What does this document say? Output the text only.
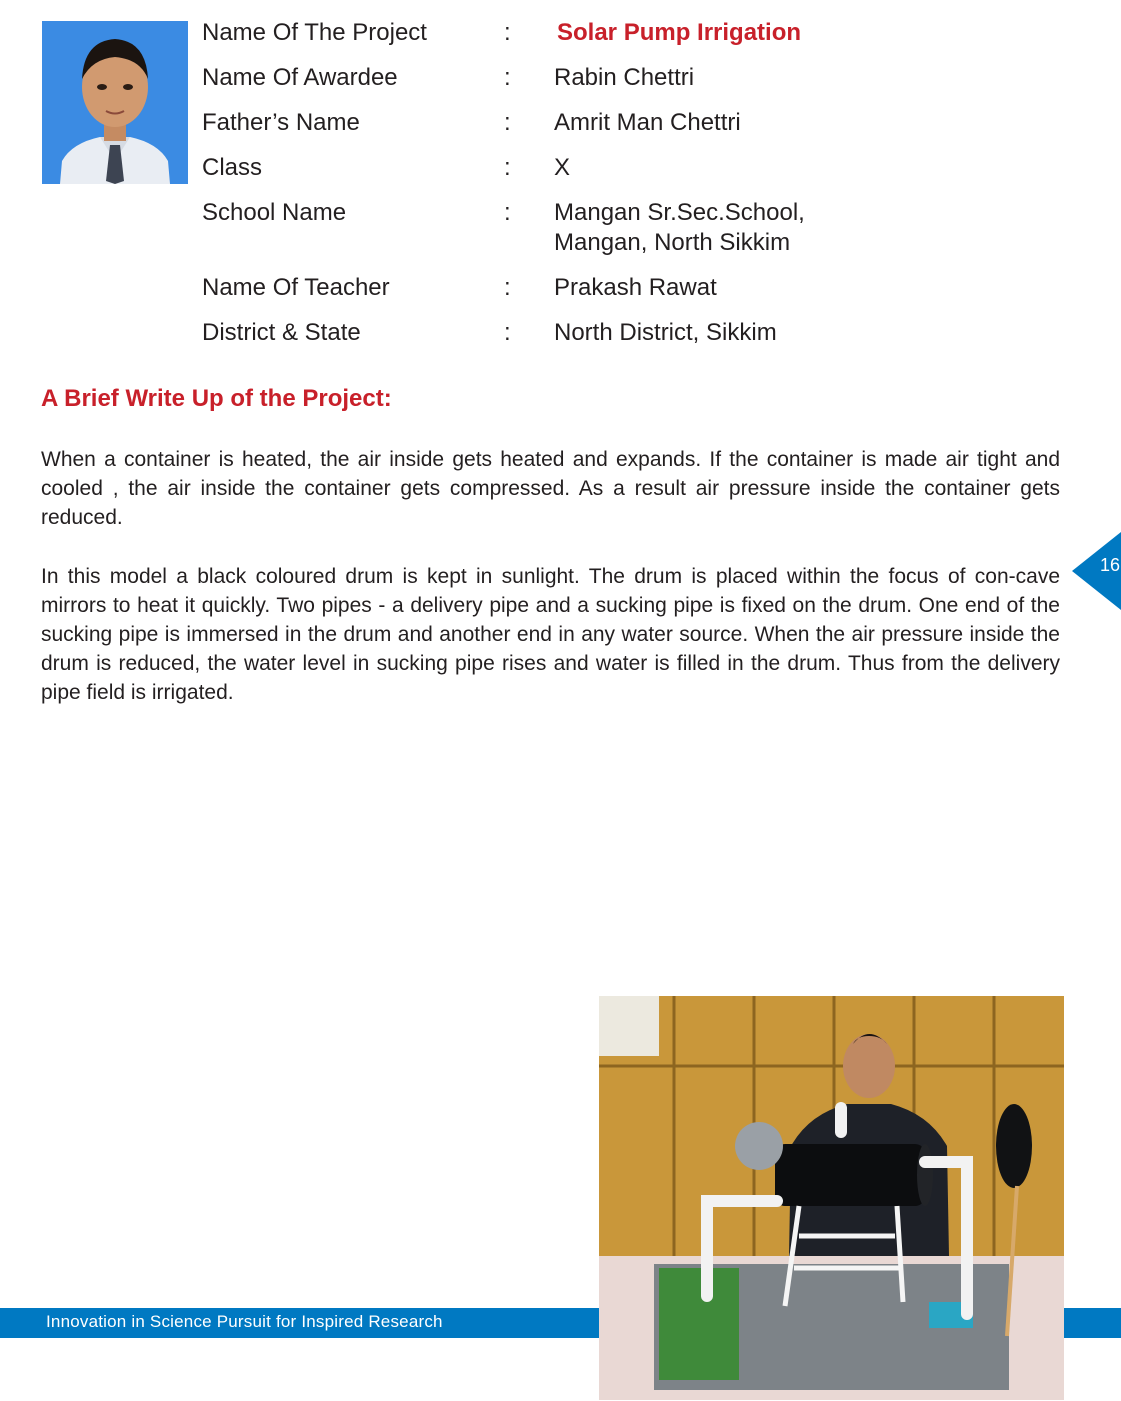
Name Of The Project	: Solar Pump Irrigation
Name Of Awardee	: Rabin Chettri
Father’s Name	: Amrit Man Chettri
Class	: X
School Name	: Mangan Sr.Sec.School,
Mangan, North Sikkim
Name Of Teacher	: Prakash Rawat
District & State	: North District, Sikkim
A Brief Write Up of the Project:

When a container is heated, the air inside gets heated and expands. If the container is made air tight and cooled , the air inside the container gets compressed. As a result air pressure inside the container gets reduced.

In this model a black coloured drum is kept in sunlight. The drum is placed within the focus of con-cave mirrors to heat it quickly. Two pipes - a delivery pipe and a sucking pipe is fixed on the drum. One end of the sucking pipe is immersed in the drum and another end in any water source. When the air pressure inside the drum is reduced, the water level in sucking pipe rises and water is filled in the drum. Thus from the delivery pipe field is irrigated.

16
Innovation in Science Pursuit for Inspired Research
